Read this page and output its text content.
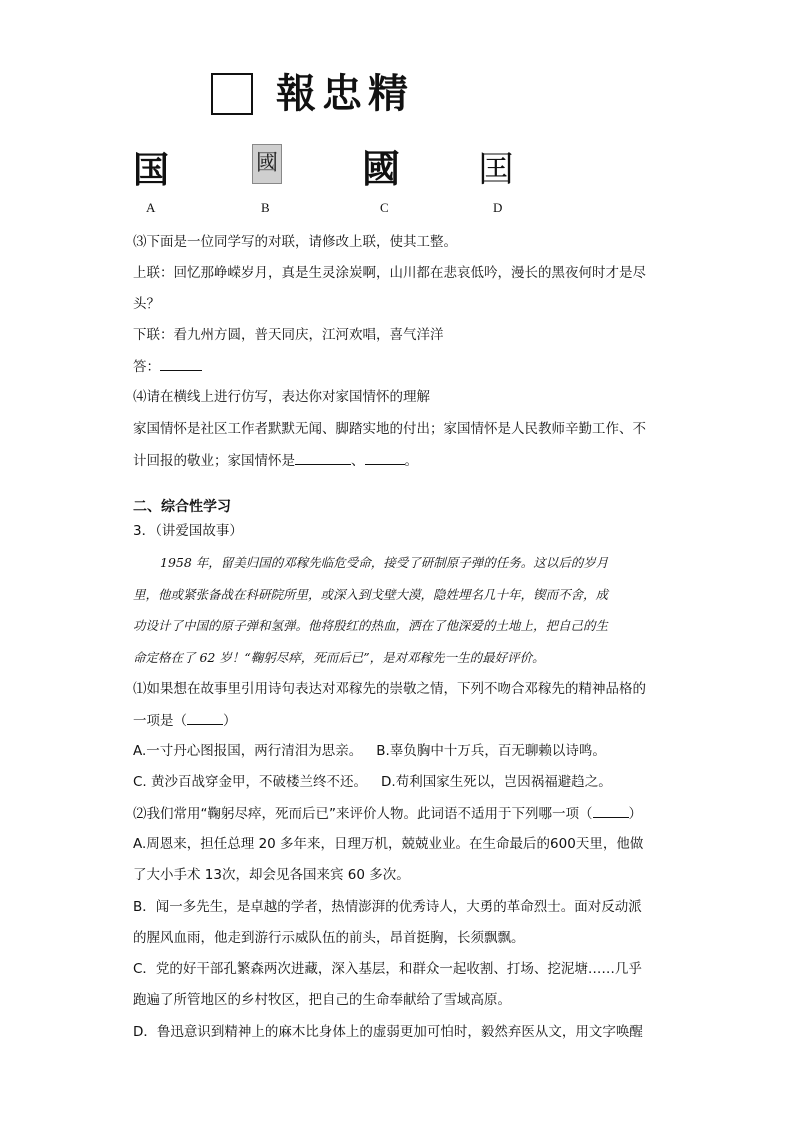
報忠精
国	國 國 囯
A	B	C	D
⑶下面是一位同学写的对联，请修改上联，使其工整。
上联：回忆那峥嵘岁月，真是生灵涂炭啊，山川都在悲哀低吟，漫长的黑夜何时才是尽
头？
下联：看九州方圆，普天同庆，江河欢唱，喜气洋洋
答：
⑷请在横线上进行仿写，表达你对家国情怀的理解
家国情怀是社区工作者默默无闻、脚踏实地的付出；家国情怀是人民教师辛勤工作、不
计回报的敬业；家国情怀是	、	。
二、综合性学习
3．（讲爱国故事）
1958 年，留美归国的邓稼先临危受命，接受了研制原子弹的任务。这以后的岁月
里，他或紧张备战在科研院所里，或深入到戈壁大漠，隐姓埋名几十年，锲而不舍，成
功设计了中国的原子弹和氢弹。他将殷红的热血，洒在了他深爱的土地上，把自己的生
命定格在了 62 岁！“鞠躬尽瘁，死而后已”，是对邓稼先一生的最好评价。
⑴如果想在故事里引用诗句表达对邓稼先的崇敬之情，下列不吻合邓稼先的精神品格的
一项是（	）
A.一寸丹心图报国，两行清泪为思亲。 B.辜负胸中十万兵，百无聊赖以诗鸣。
C. 黄沙百战穿金甲，不破楼兰终不还。 D.苟利国家生死以，岂因祸福避趋之。
⑵我们常用“鞠躬尽瘁，死而后已”来评价人物。此词语不适用于下列哪一项（	）
A.周恩来，担任总理 20 多年来，日理万机，兢兢业业。在生命最后的600天里，他做
了大小手术 13次，却会见各国来宾 60 多次。
B．闻一多先生，是卓越的学者，热情澎湃的优秀诗人，大勇的革命烈士。面对反动派
的腥风血雨，他走到游行示威队伍的前头，昂首挺胸，长须飘飘。
C．党的好干部孔繁森两次进藏，深入基层，和群众一起收割、打场、挖泥塘……几乎
跑遍了所管地区的乡村牧区，把自己的生命奉献给了雪域高原。
D．鲁迅意识到精神上的麻木比身体上的虚弱更加可怕时，毅然弃医从文，用文字唤醒
